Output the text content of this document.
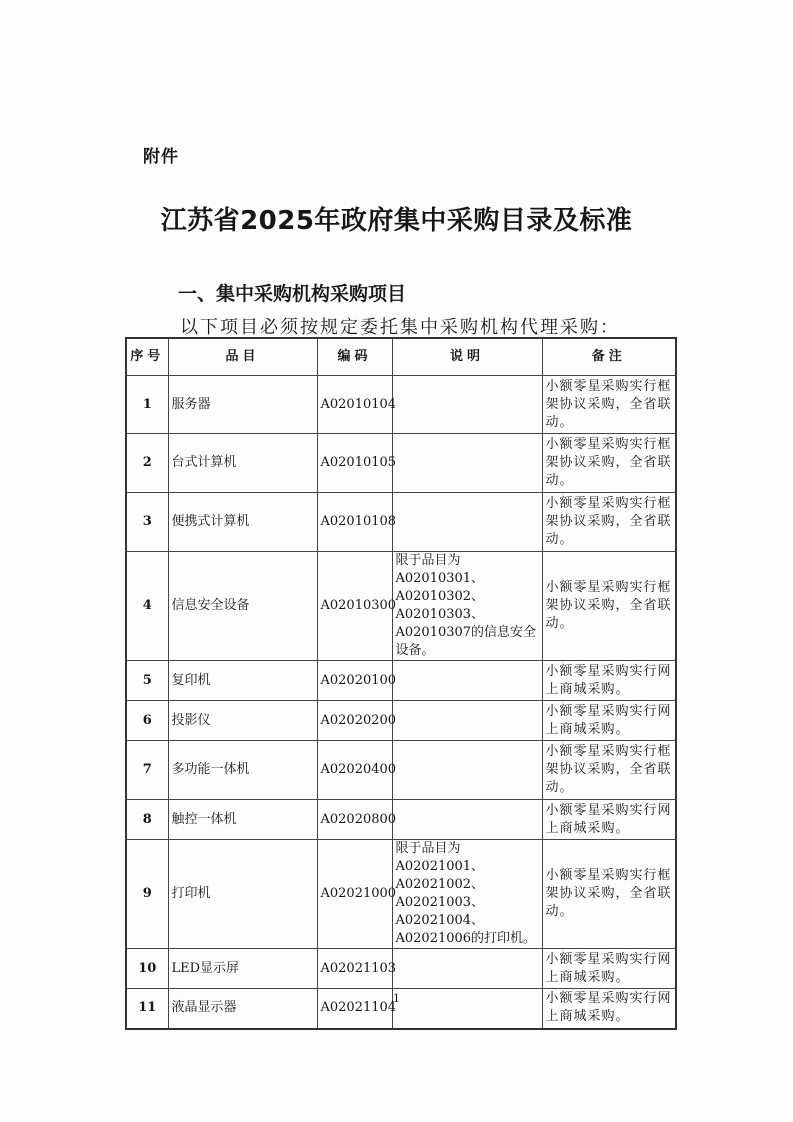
附件
江苏省2025年政府集中采购目录及标准
一、集中采购机构采购项目
以下项目必须按规定委托集中采购机构代理采购：
序号	品目	编码	说明	备注
1	服务器	A02010104		小额零星采购实行框架协议采购，全省联动。
2	台式计算机	A02010105		小额零星采购实行框架协议采购，全省联动。
3	便携式计算机	A02010108		小额零星采购实行框架协议采购，全省联动。
4	信息安全设备	A02010300	限于品目为A02010301、A02010302、A02010303、A02010307的信息安全设备。	小额零星采购实行框架协议采购，全省联动。
5	复印机	A02020100		小额零星采购实行网上商城采购。
6	投影仪	A02020200		小额零星采购实行网上商城采购。
7	多功能一体机	A02020400		小额零星采购实行框架协议采购，全省联动。
8	触控一体机	A02020800		小额零星采购实行网上商城采购。
9	打印机	A02021000	限于品目为A02021001、A02021002、A02021003、A02021004、A02021006的打印机。	小额零星采购实行框架协议采购，全省联动。
10	LED显示屏	A02021103		小额零星采购实行网上商城采购。
11	液晶显示器	A02021104		小额零星采购实行网上商城采购。
1
